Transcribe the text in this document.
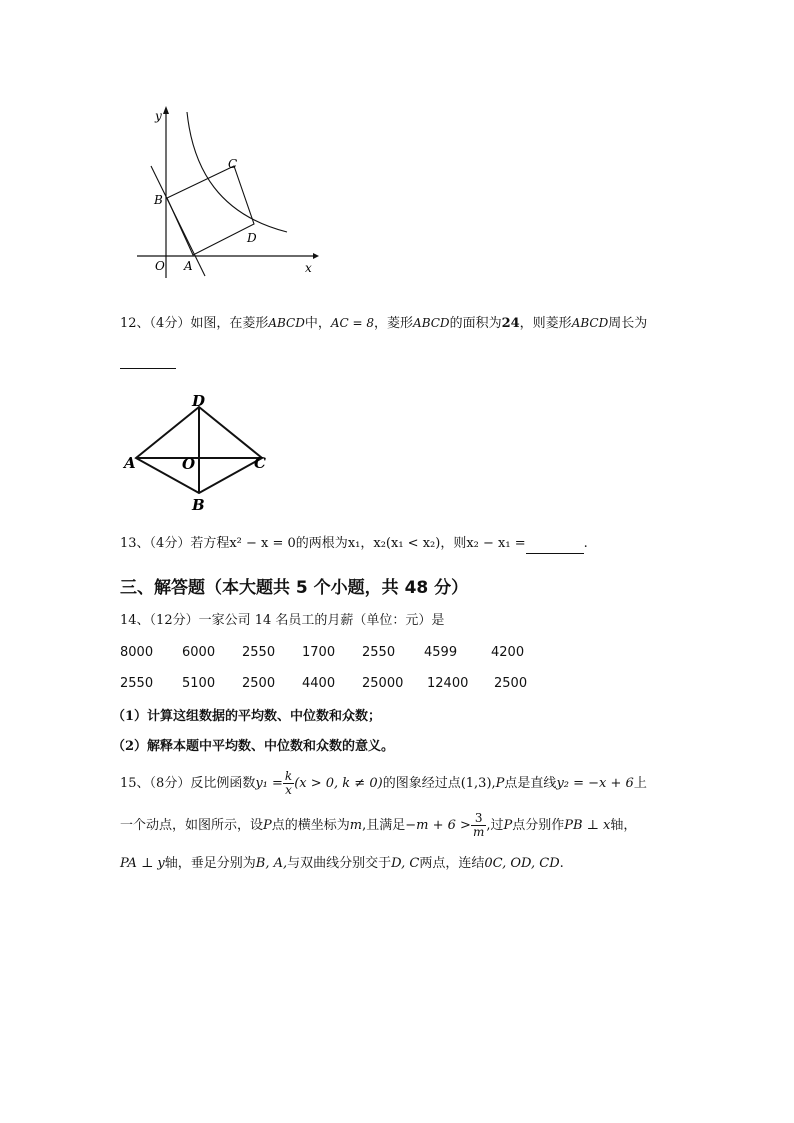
y
x
O A
B
C
D
12、（4分）如图，在菱形ABCD中，AC = 8，菱形ABCD的面积为24，则菱形ABCD周长为
D
A	O	C
B
13、（4分）若方程x² − x = 0的两根为x₁，x₂(x₁ < x₂)，则x₂ − x₁ =	.
三、解答题（本大题共 5 个小题，共 48 分）
14、（12分）一家公司 14 名员工的月薪（单位：元）是
8000 6000 2550 1700 2550 4599	4200
2550 5100 2500 4400 25000 12400 2500
（1）计算这组数据的平均数、中位数和众数；
（2）解释本题中平均数、中位数和众数的意义。
15、（8分）反比例函数$y_1 = \frac{k}{x} (x > 0$, k ≠ 0)的图象经过点(1,3),P点是直线y₂ = −x + 6上
一个动点，如图所示，设P点的横坐标为m,且满足$-m + 6 > \frac{3}{m}$ ,过P点分别作PB ⊥ x轴，
PA ⊥ y轴，垂足分别为B, A,与双曲线分别交于D, C两点，连结0C, OD, CD.
